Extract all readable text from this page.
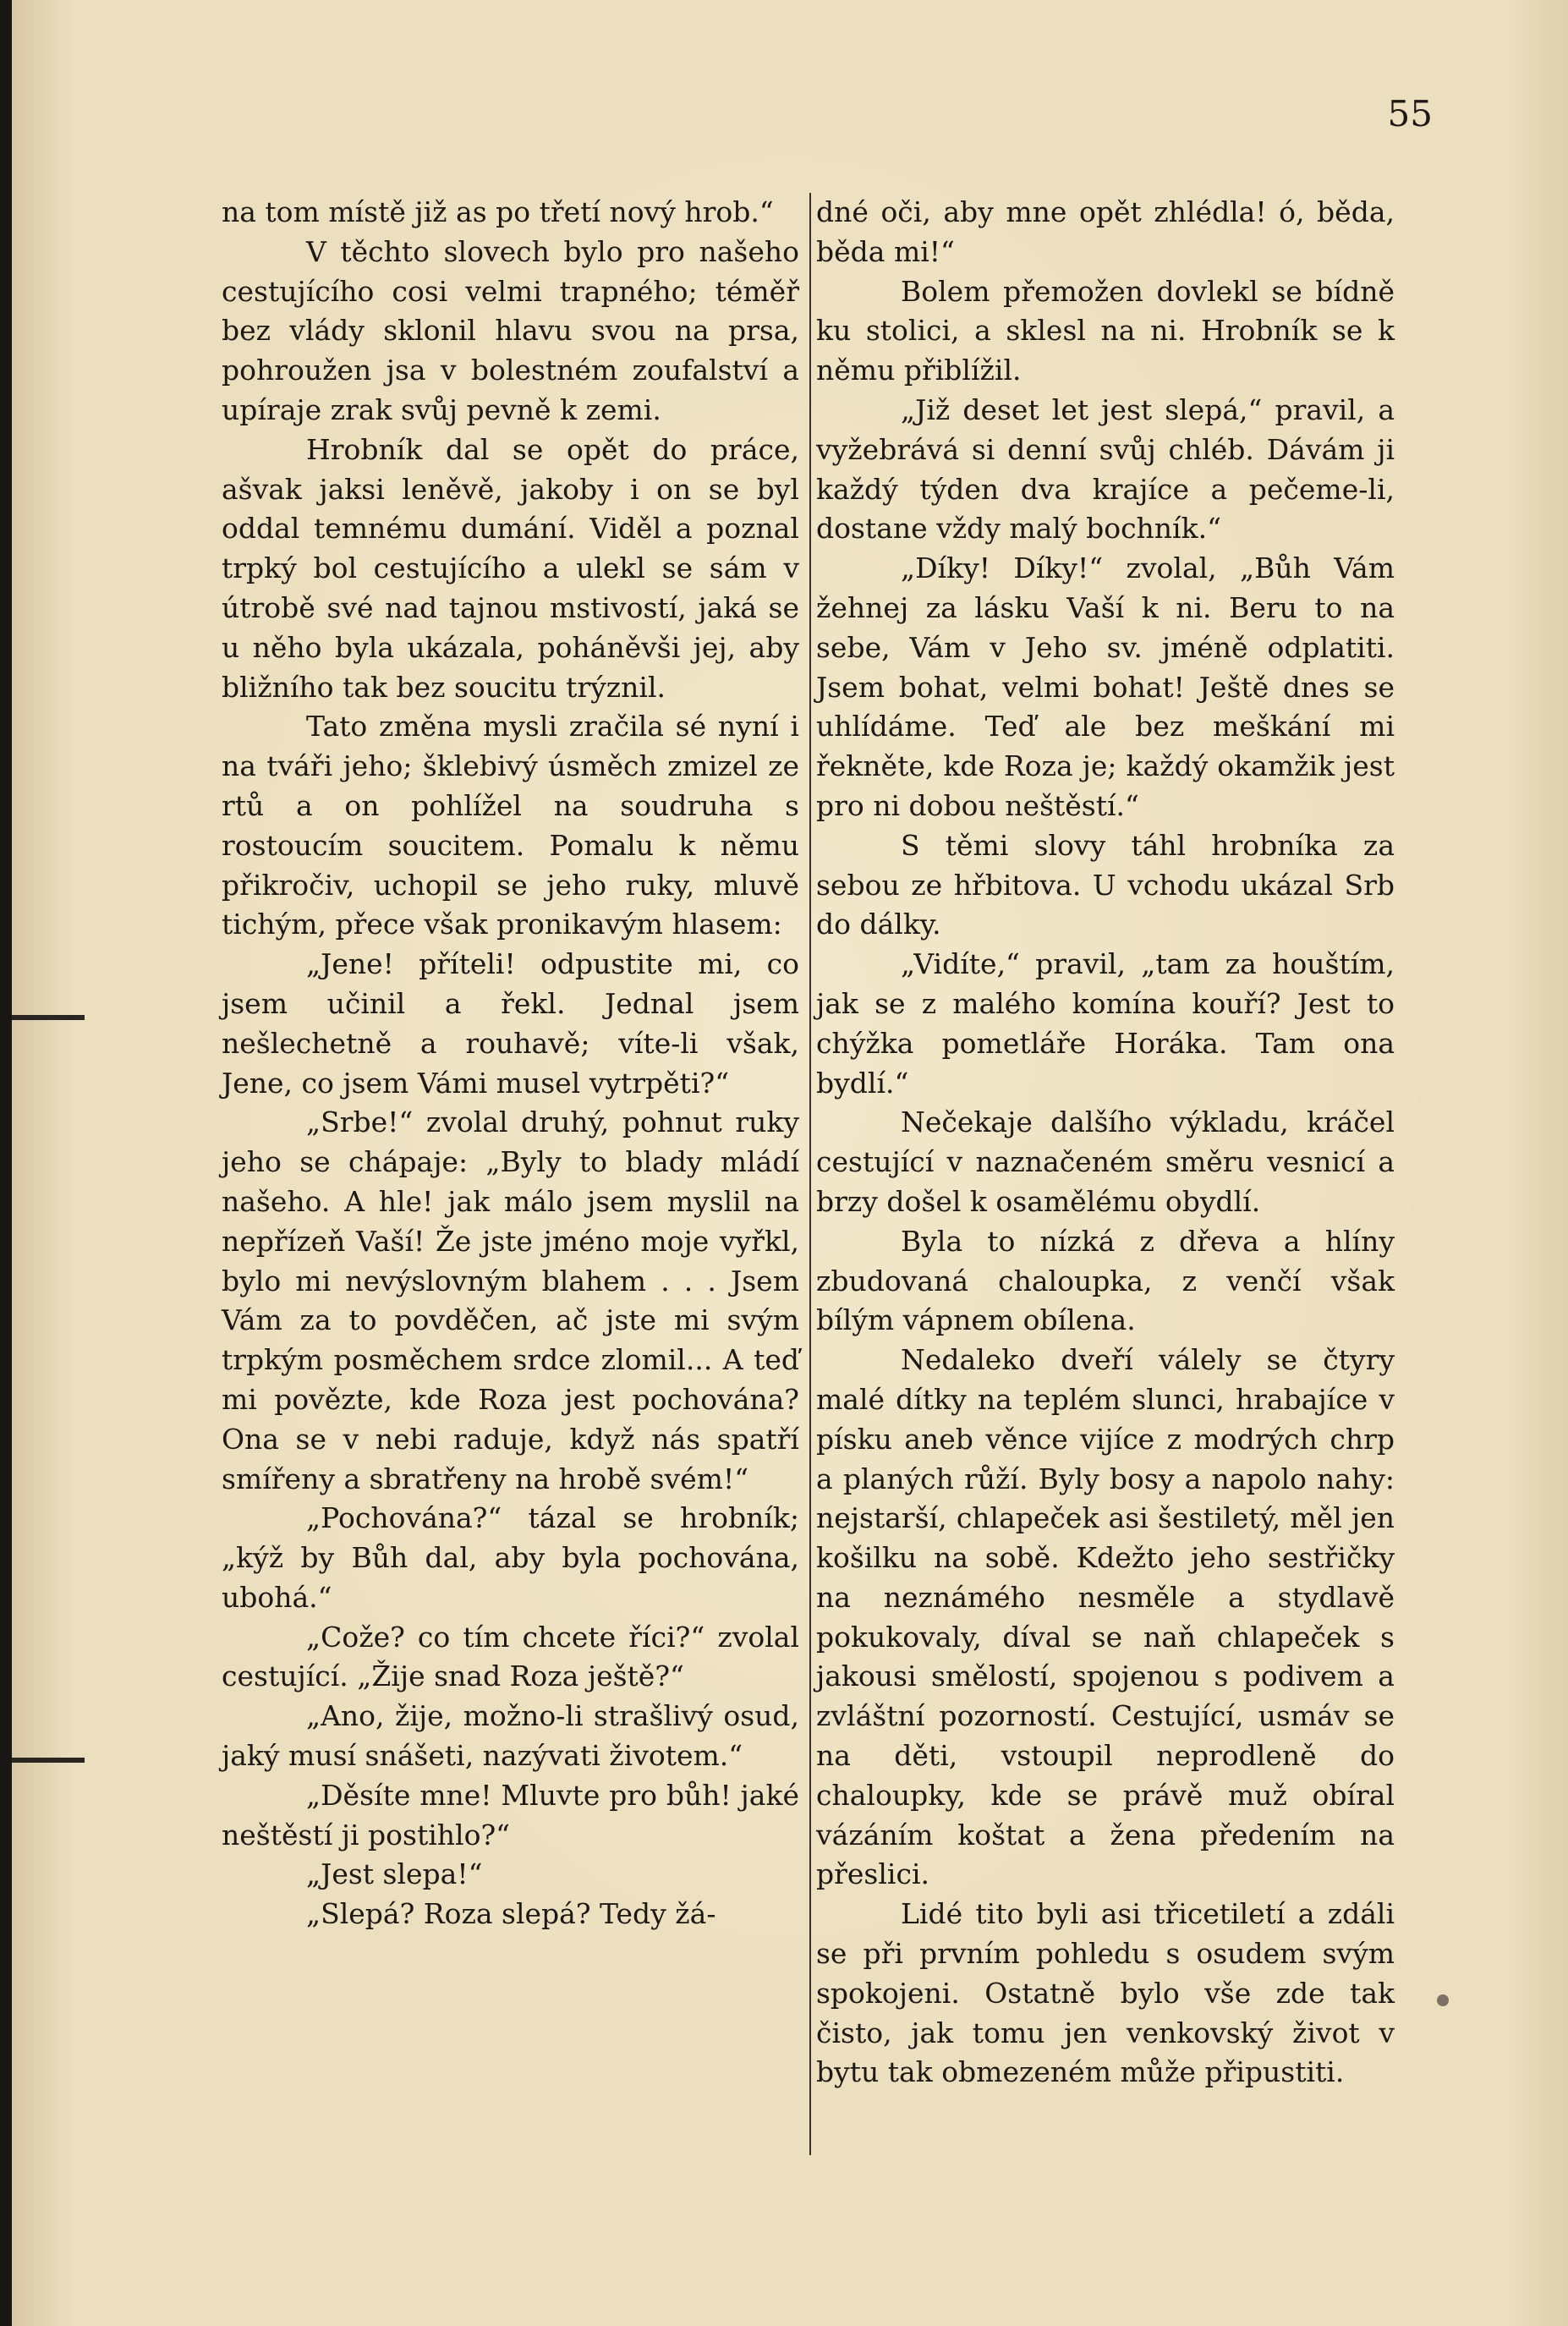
55

na tom místě již as po třetí nový hrob.“

V těchto slovech bylo pro našeho cestujícího cosi velmi trapného; téměř bez vlády sklonil hlavu svou na prsa, pohroužen jsa v bolestném zoufalství a upíraje zrak svůj pevně k zemi.

Hrobník dal se opět do práce, ašvak jaksi leněvě, jakoby i on se byl oddal temnému dumání. Viděl a poznal trpký bol cestujícího a ulekl se sám v útrobě své nad tajnou mstivostí, jaká se u něho byla ukázala, poháněvši jej, aby bližního tak bez soucitu trýznil.

Tato změna mysli zračila sé nyní i na tváři jeho; šklebivý úsměch zmizel ze rtů a on pohlížel na soudruha s rostoucím soucitem. Pomalu k němu přikročiv, uchopil se jeho ruky, mluvě tichým, přece však pronikavým hlasem:

„Jene! příteli! odpustite mi, co jsem učinil a řekl. Jednal jsem nešlechetně a rouhavě; víte-li však, Jene, co jsem Vámi musel vytrpěti?“

„Srbe!“ zvolal druhý, pohnut ruky jeho se chápaje: „Byly to blady mládí našeho. A hle! jak málo jsem myslil na nepřízeň Vaší! Že jste jméno moje vyřkl, bylo mi nevýslovným blahem . . . Jsem Vám za to povděčen, ač jste mi svým trpkým posměchem srdce zlomil... A teď mi povězte, kde Roza jest pochována? Ona se v nebi raduje, když nás spatří smířeny a sbratřeny na hrobě svém!“

„Pochována?“ tázal se hrobník; „kýž by Bůh dal, aby byla pochována, ubohá.“

„Cože? co tím chcete říci?“ zvolal cestující. „Žije snad Roza ještě?“

„Ano, žije, možno-li strašlivý osud, jaký musí snášeti, nazývati životem.“

„Děsíte mne! Mluvte pro bůh! jaké neštěstí ji postihlo?“

„Jest slepa!“

„Slepá? Roza slepá? Tedy žá-

dné oči, aby mne opět zhlédla! ó, běda, běda mi!“

Bolem přemožen dovlekl se bídně ku stolici, a sklesl na ni. Hrobník se k němu přiblížil.

„Již deset let jest slepá,“ pravil, a vyžebrává si denní svůj chléb. Dávám ji každý týden dva krajíce a pečeme-li, dostane vždy malý bochník.“

„Díky! Díky!“ zvolal, „Bůh Vám žehnej za lásku Vaší k ni. Beru to na sebe, Vám v Jeho sv. jméně odplatiti. Jsem bohat, velmi bohat! Ještě dnes se uhlídáme. Teď ale bez meškání mi řekněte, kde Roza je; každý okamžik jest pro ni dobou neštěstí.“

S těmi slovy táhl hrobníka za sebou ze hřbitova. U vchodu ukázal Srb do dálky.

„Vidíte,“ pravil, „tam za houštím, jak se z malého komína kouří? Jest to chýžka pometláře Horáka. Tam ona bydlí.“

Nečekaje dalšího výkladu, kráčel cestující v naznačeném směru vesnicí a brzy došel k osamělému obydlí.

Byla to nízká z dřeva a hlíny zbudovaná chaloupka, z venčí však bílým vápnem obílena.

Nedaleko dveří válely se čtyry malé dítky na teplém slunci, hrabajíce v písku aneb věnce vijíce z modrých chrp a planých růží. Byly bosy a napolo nahy: nejstarší, chlapeček asi šestiletý, měl jen košilku na sobě. Kdežto jeho sestřičky na neznámého nesměle a stydlavě pokukovaly, díval se naň chlapeček s jakousi smělostí, spojenou s podivem a zvláštní pozorností. Cestující, usmáv se na děti, vstoupil neprodleně do chaloupky, kde se právě muž obíral vázáním koštat a žena předením na přeslici.

Lidé tito byli asi třicetiletí a zdáli se při prvním pohledu s osudem svým spokojeni. Ostatně bylo vše zde tak čisto, jak tomu jen venkovský život v bytu tak obmezeném může připustiti.
